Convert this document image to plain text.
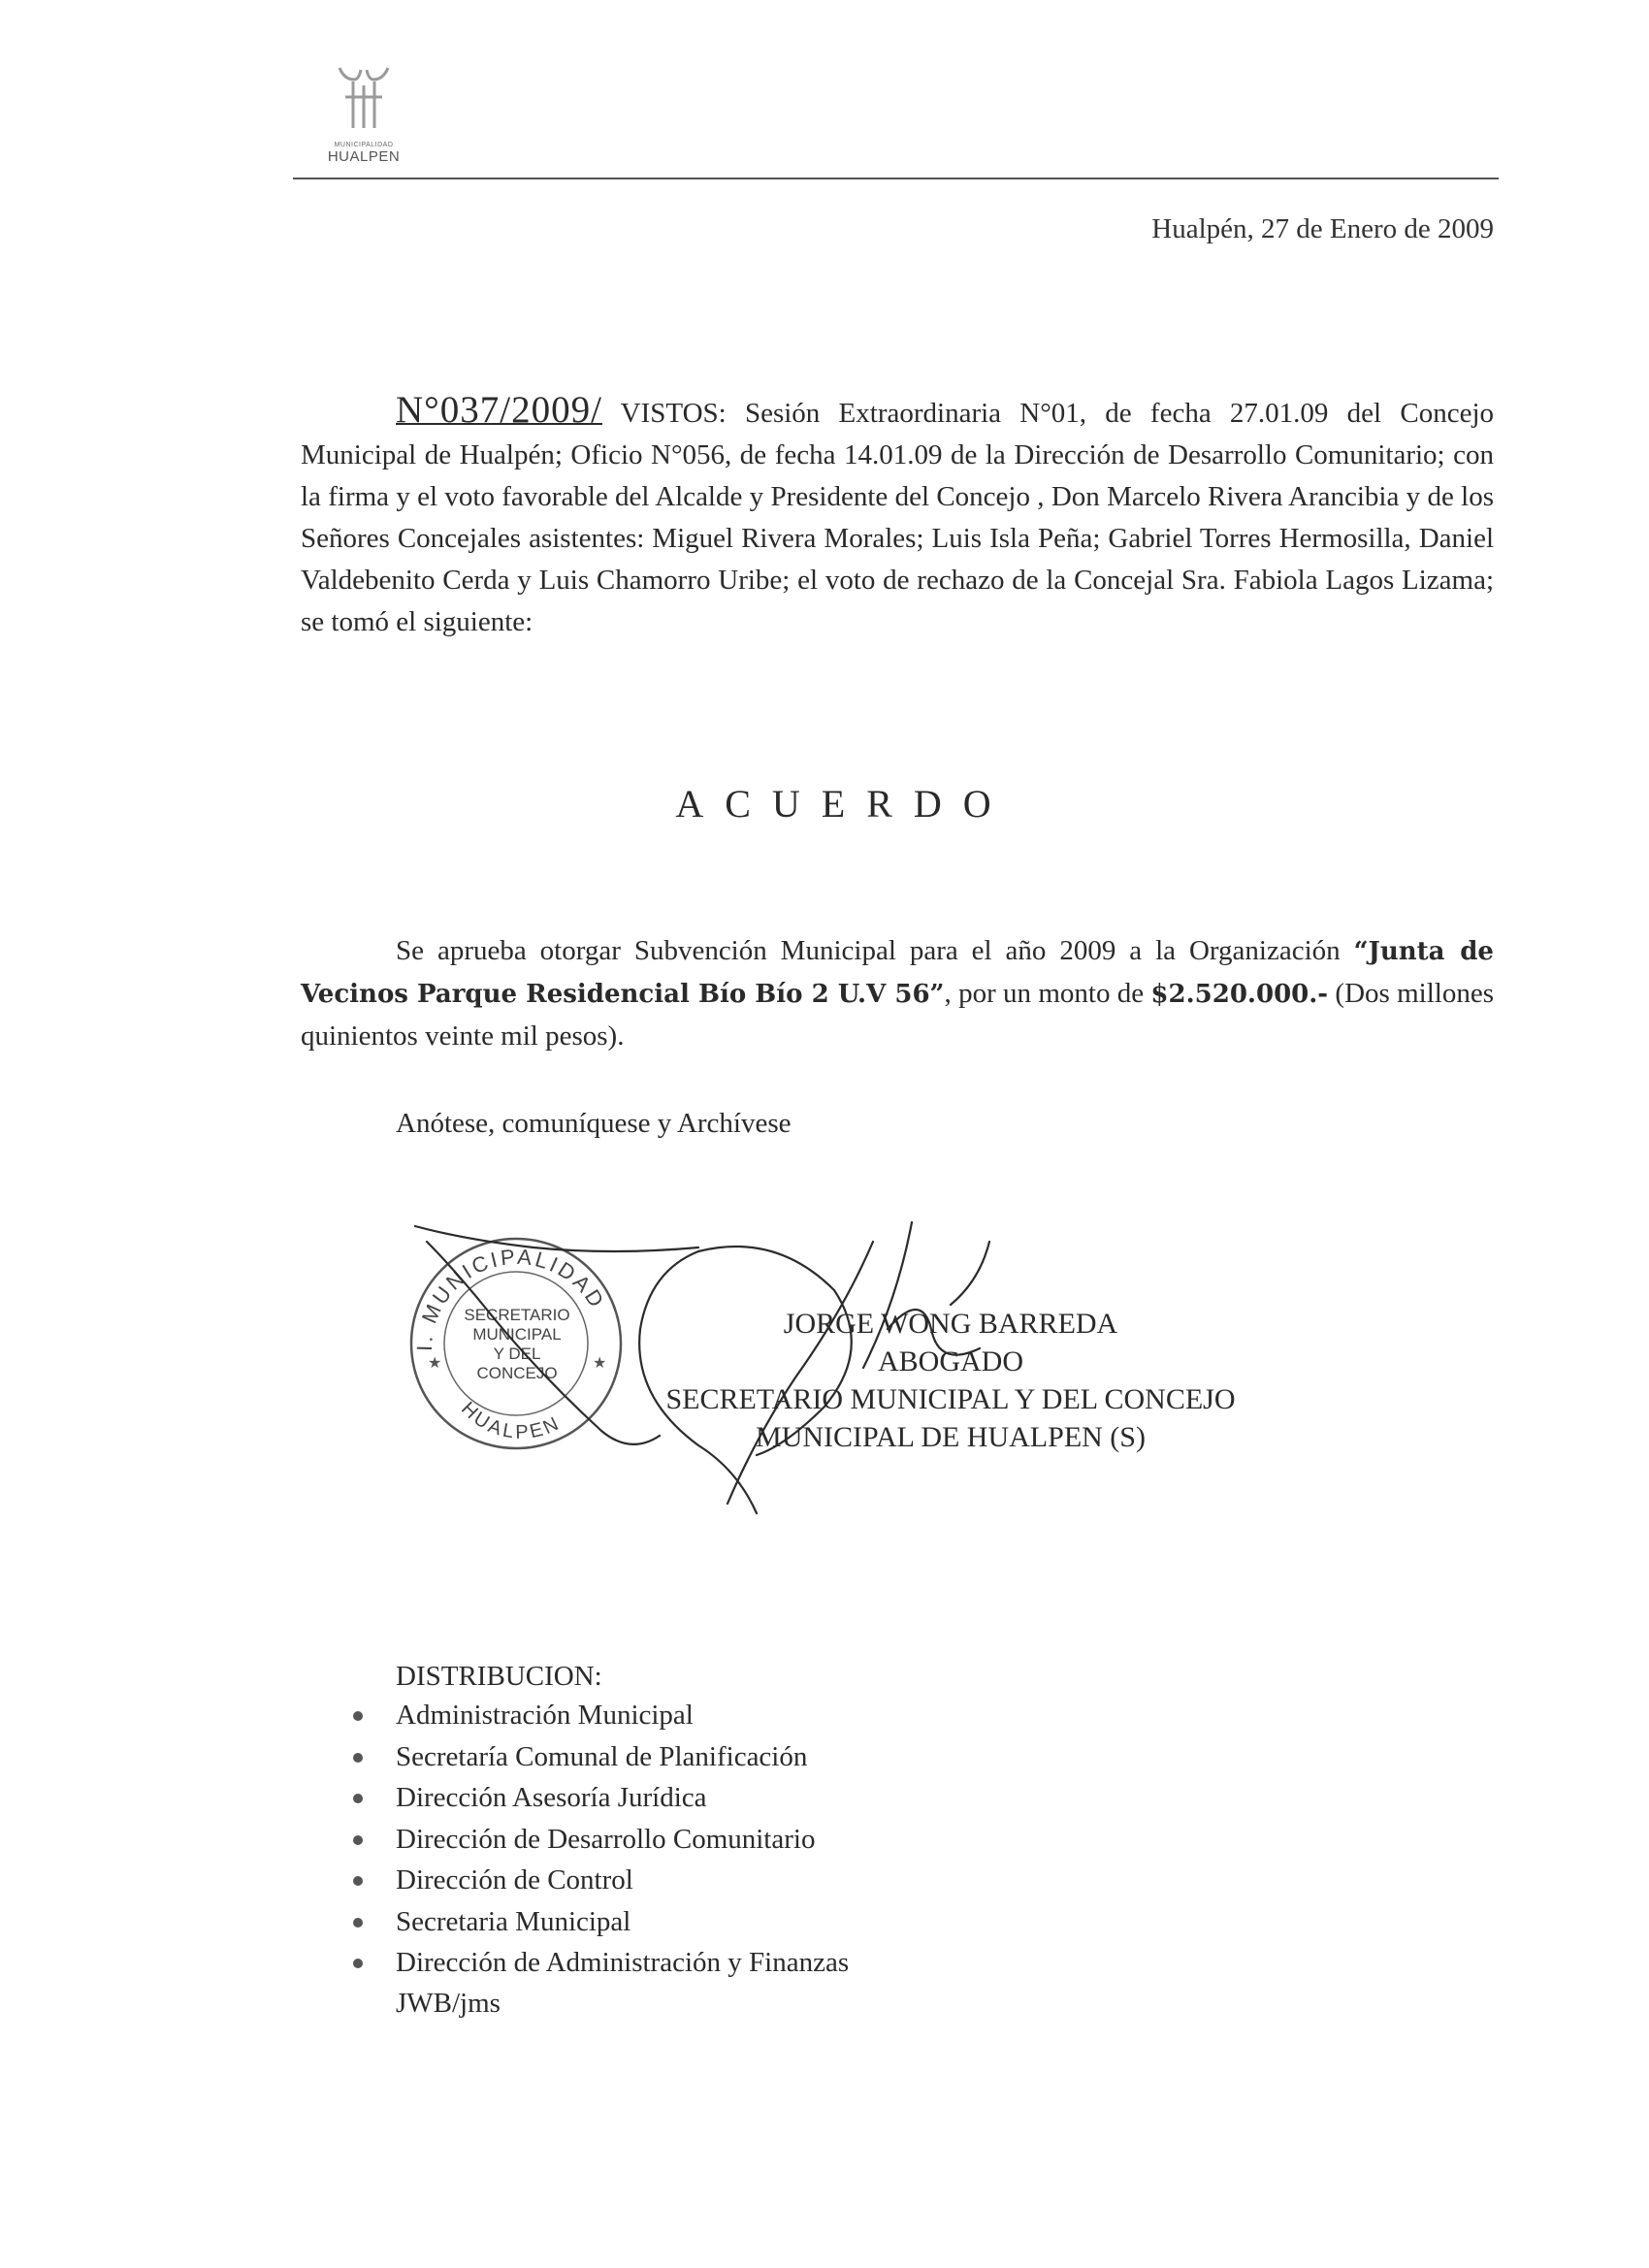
MUNICIPALIDAD
HUALPEN
Hualpén, 27 de Enero de 2009

N°037/2009/ VISTOS: Sesión Extraordinaria N°01, de fecha 27.01.09 del Concejo Municipal de Hualpén; Oficio N°056, de fecha 14.01.09 de la Dirección de Desarrollo Comunitario; con la firma y el voto favorable del Alcalde y Presidente del Concejo , Don Marcelo Rivera Arancibia y de los Señores Concejales asistentes: Miguel Rivera Morales; Luis Isla Peña; Gabriel Torres Hermosilla, Daniel Valdebenito Cerda y Luis Chamorro Uribe; el voto de rechazo de la Concejal Sra. Fabiola Lagos Lizama; se tomó el siguiente:

ACUERDO

Se aprueba otorgar Subvención Municipal para el año 2009 a la Organización “Junta de Vecinos Parque Residencial Bío Bío 2 U.V 56”, por un monto de $2.520.000.- (Dos millones quinientos veinte mil pesos).

Anótese, comuníquese y Archívese
I. MUNICIPALIDAD
HUALPEN
★	★
SECRETARIO
MUNICIPAL
Y DEL
CONCEJO
JORGE WONG BARREDA
ABOGADO
SECRETARIO MUNICIPAL Y DEL CONCEJO
MUNICIPAL DE HUALPEN (S)
DISTRIBUCION:
Administración Municipal
Secretaría Comunal de Planificación
Dirección Asesoría Jurídica
Dirección de Desarrollo Comunitario
Dirección de Control
Secretaria Municipal
Dirección de Administración y Finanzas
JWB/jms
